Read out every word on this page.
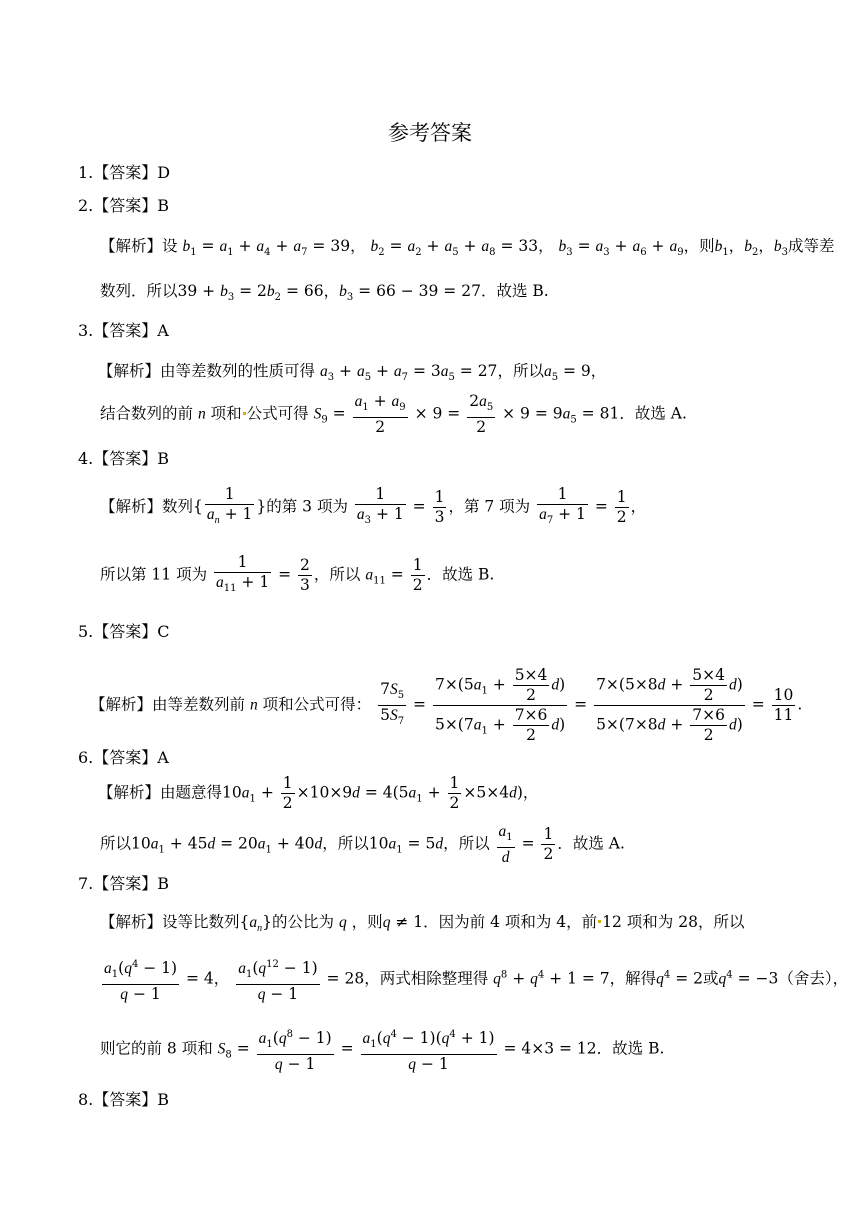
参考答案
1.【答案】D
2.【答案】B
【解析】设 $b_1 = a_1 + a_4 + a_7 = 39$， $b_2 = a_2 + a_5 + a_8 = 33$， $b_3 = a_3 + a_6 + a_9$，则$b_1$，$b_2$，$b_3$成等差
数列．所以$39 + b_3 = 2b_2 = 66$，$b_3 = 66 - 39 = 27$．故选 B.
3.【答案】A
【解析】由等差数列的性质可得 $a_3 + a_5 + a_7 = 3a_5 = 27$，所以$a_5 = 9$，
结合数列的前 n 项和 公式可得 $S_9 = \frac{a_1 + a_9}{2} \times 9 = \frac{2a_5}{2} \times 9 = 9a_5 = 81$．故选 A.
4.【答案】B
【解析】数列{ $\frac{1}{a_n + 1}$ }的第 3 项为 $\frac{1}{a_3 + 1} = \frac{1}{3}$ ，第 7 项为 $\frac{1}{a_7 + 1} = \frac{1}{2}$ ，
所以第 11 项为 $\frac{1}{a_{11} + 1} = \frac{2}{3}$ ，所以 $a_{11} = \frac{1}{2}$ ．故选 B.
5.【答案】C
【解析】由等差数列前 n 项和公式可得： $\frac{7S_5}{5S_7} = \frac{7\times(5a_1 + \frac{5\times 4}{2} d)}{5\times(7a_1 + \frac{7\times 6}{2} d)} = \frac{7\times(5\times 8d + \frac{5\times 4}{2} d)}{5\times(7\times 8d + \frac{7\times 6}{2} d)} = \frac{10}{11}$ .
6.【答案】A
【解析】由题意得$10a_1 + \frac{1}{2} \times 10\times 9d = 4(5a_1 + \frac{1}{2} \times 5\times 4d)$，
所以$10a_1 + 45d = 20a_1 + 40d$，所以$10a_1 = 5d$，所以 $\frac{a_1}{d} = \frac{1}{2}$ ．故选 A.
7.【答案】B
【解析】设等比数列$\{a_n\}$的公比为 q ，则q ≠ 1．因为前 4 项和为 4，前 12 项和为 28，所以
$\frac{a_1(q^4 - 1)}{q - 1} = 4$， $\frac{a_1(q^{12} - 1)}{q - 1} = 28$，两式相除整理得 $q^8 + q^4 + 1 = 7$，解得$q^4 = 2$或$q^4 = -3$（舍去），
则它的前 8 项和 $S_8 = \frac{a_1(q^8 - 1)}{q - 1} = \frac{a_1(q^4 - 1)(q^4 + 1)}{q - 1} = 4\times 3 = 12$．故选 B.
8.【答案】B
